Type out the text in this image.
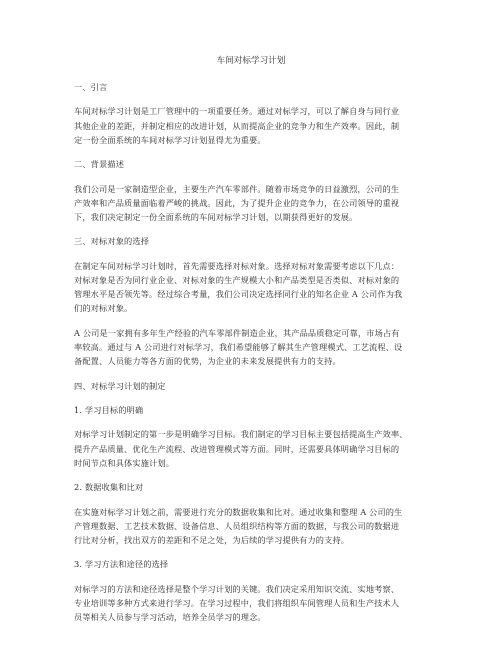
车间对标学习计划
一、引言
车间对标学习计划是工厂管理中的一项重要任务。通过对标学习，可以了解自身与同行业
其他企业的差距，并制定相应的改进计划，从而提高企业的竞争力和生产效率。因此，制
定一份全面系统的车间对标学习计划显得尤为重要。
二、背景描述
我们公司是一家制造型企业，主要生产汽车零部件。随着市场竞争的日益激烈，公司的生
产效率和产品质量面临着严峻的挑战。因此，为了提升企业的竞争力，在公司领导的重视
下，我们决定制定一份全面系统的车间对标学习计划，以期获得更好的发展。
三、对标对象的选择
在制定车间对标学习计划时，首先需要选择对标对象。选择对标对象需要考虑以下几点：
对标对象是否为同行业企业、对标对象的生产规模大小和产品类型是否类似、对标对象的
管理水平是否领先等。经过综合考量，我们公司决定选择同行业的知名企业 A 公司作为我
们的对标对象。
A 公司是一家拥有多年生产经验的汽车零部件制造企业，其产品品质稳定可靠，市场占有
率较高。通过与 A 公司进行对标学习，我们希望能够了解其生产管理模式、工艺流程、设
备配置、人员能力等各方面的优势，为企业的未来发展提供有力的支持。
四、对标学习计划的制定
1. 学习目标的明确
对标学习计划制定的第一步是明确学习目标。我们制定的学习目标主要包括提高生产效率、
提升产品质量、优化生产流程、改进管理模式等方面。同时，还需要具体明确学习目标的
时间节点和具体实施计划。
2. 数据收集和比对
在实施对标学习计划之前，需要进行充分的数据收集和比对。通过收集和整理 A 公司的生
产管理数据、工艺技术数据、设备信息、人员组织结构等方面的数据，与我公司的数据进
行比对分析，找出双方的差距和不足之处，为后续的学习提供有力的支持。
3. 学习方法和途径的选择
对标学习的方法和途径选择是整个学习计划的关键。我们决定采用知识交流、实地考察、
专业培训等多种方式来进行学习。在学习过程中，我们将组织车间管理人员和生产技术人
员等相关人员参与学习活动，培养全员学习的理念。
